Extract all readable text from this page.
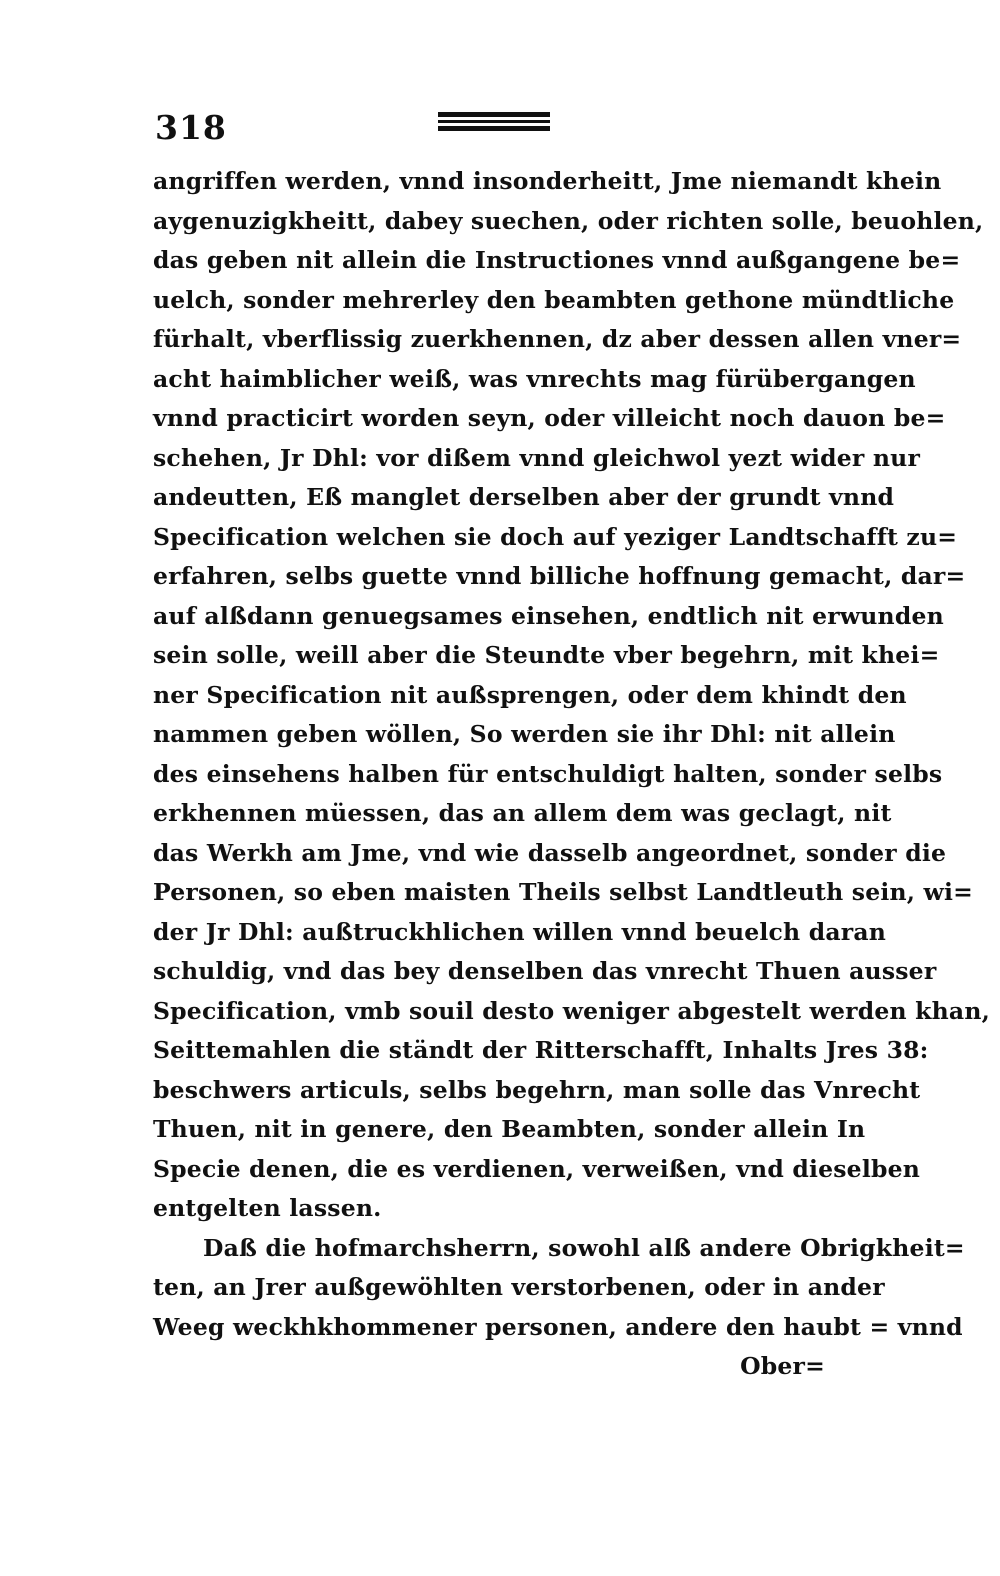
318
angriffen werden, vnnd insonderheitt, Jme niemandt khein
aygenuzigkheitt, dabey suechen, oder richten solle, beuohlen,
das geben nit allein die Instructiones vnnd außgangene be=
uelch, sonder mehrerley den beambten gethone mündtliche
fürhalt, vberflissig zuerkhennen, dz aber dessen allen vner=
acht haimblicher weiß, was vnrechts mag fürübergangen
vnnd practicirt worden seyn, oder villeicht noch dauon be=
schehen, Jr Dhl: vor dißem vnnd gleichwol yezt wider nur
andeutten, Eß manglet derselben aber der grundt vnnd
Specification welchen sie doch auf yeziger Landtschafft zu=
erfahren, selbs guette vnnd billiche hoffnung gemacht, dar=
auf alßdann genuegsames einsehen, endtlich nit erwunden
sein solle, weill aber die Steundte vber begehrn, mit khei=
ner Specification nit außsprengen, oder dem khindt den
nammen geben wöllen, So werden sie ihr Dhl: nit allein
des einsehens halben für entschuldigt halten, sonder selbs
erkhennen müessen, das an allem dem was geclagt, nit
das Werkh am Jme, vnd wie dasselb angeordnet, sonder die
Personen, so eben maisten Theils selbst Landtleuth sein, wi=
der Jr Dhl: außtruckhlichen willen vnnd beuelch daran
schuldig, vnd das bey denselben das vnrecht Thuen ausser
Specification, vmb souil desto weniger abgestelt werden khan,
Seittemahlen die ständt der Ritterschafft, Inhalts Jres 38:
beschwers articuls, selbs begehrn, man solle das Vnrecht
Thuen, nit in genere, den Beambten, sonder allein In
Specie denen, die es verdienen, verweißen, vnd dieselben
entgelten lassen.
Daß die hofmarchsherrn, sowohl alß andere Obrigkheit=
ten, an Jrer außgewöhlten verstorbenen, oder in ander
Weeg weckhkhommener personen, andere den haubt = vnnd
Ober=
